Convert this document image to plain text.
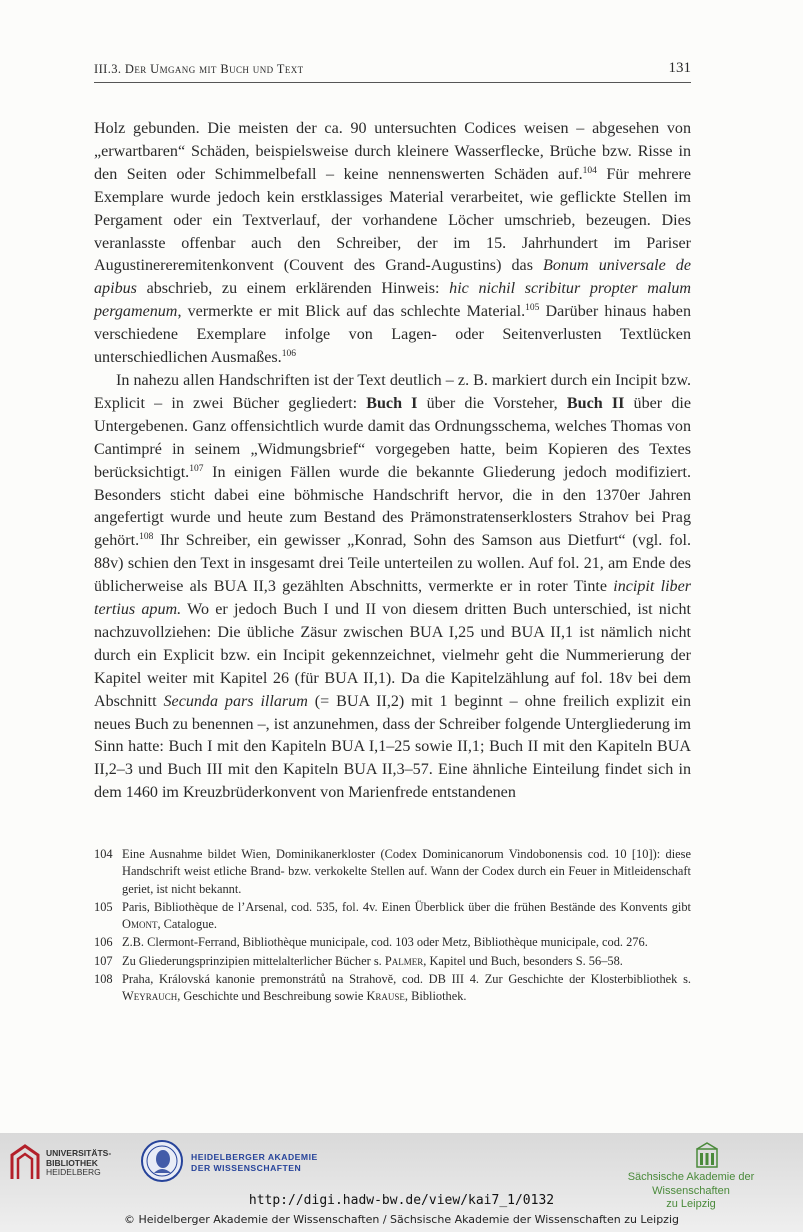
III.3. Der Umgang mit Buch und Text	131

Holz gebunden. Die meisten der ca. 90 untersuchten Codices weisen – abgesehen von „erwartbaren“ Schäden, beispielsweise durch kleinere Wasserflecke, Brüche bzw. Risse in den Seiten oder Schimmelbefall – keine nennenswerten Schäden auf.$^{104}$ Für mehrere Exemplare wurde jedoch kein erstklassiges Material verarbeitet, wie geflickte Stellen im Pergament oder ein Textverlauf, der vorhandene Löcher umschrieb, bezeugen. Dies veranlasste offenbar auch den Schreiber, der im 15. Jahrhundert im Pariser Augustinereremitenkonvent (Couvent des Grand-Augustins) das Bonum universale de apibus abschrieb, zu einem erklärenden Hinweis: hic nichil scribitur propter malum pergamenum, vermerkte er mit Blick auf das schlechte Material.$^{105}$ Darüber hinaus haben verschiedene Exemplare infolge von Lagen- oder Seitenverlusten Textlücken unterschiedlichen Ausmaßes.$^{106}$

In nahezu allen Handschriften ist der Text deutlich – z. B. markiert durch ein Incipit bzw. Explicit – in zwei Bücher gegliedert: Buch I über die Vorsteher, Buch II über die Untergebenen. Ganz offensichtlich wurde damit das Ordnungsschema, welches Thomas von Cantimpré in seinem „Widmungsbrief“ vorgegeben hatte, beim Kopieren des Textes berücksichtigt.$^{107}$ In einigen Fällen wurde die bekannte Gliederung jedoch modifiziert. Besonders sticht dabei eine böhmische Handschrift hervor, die in den 1370er Jahren angefertigt wurde und heute zum Bestand des Prämonstratenserklosters Strahov bei Prag gehört.$^{108}$ Ihr Schreiber, ein gewisser „Konrad, Sohn des Samson aus Dietfurt“ (vgl. fol. 88v) schien den Text in insgesamt drei Teile unterteilen zu wollen. Auf fol. 21, am Ende des üblicherweise als BUA II,3 gezählten Abschnitts, vermerkte er in roter Tinte incipit liber tertius apum. Wo er jedoch Buch I und II von diesem dritten Buch unterschied, ist nicht nachzuvollziehen: Die übliche Zäsur zwischen BUA I,25 und BUA II,1 ist nämlich nicht durch ein Explicit bzw. ein Incipit gekennzeichnet, vielmehr geht die Nummerierung der Kapitel weiter mit Kapitel 26 (für BUA II,1). Da die Kapitelzählung auf fol. 18v bei dem Abschnitt Secunda pars illarum (= BUA II,2) mit 1 beginnt – ohne freilich explizit ein neues Buch zu benennen –, ist anzunehmen, dass der Schreiber folgende Untergliederung im Sinn hatte: Buch I mit den Kapiteln BUA I,1–25 sowie II,1; Buch II mit den Kapiteln BUA II,2–3 und Buch III mit den Kapiteln BUA II,3–57. Eine ähnliche Einteilung findet sich in dem 1460 im Kreuzbrüderkonvent von Marienfrede entstandenen

104 Eine Ausnahme bildet Wien, Dominikanerkloster (Codex Dominicanorum Vindobonensis cod. 10 [10]): diese Handschrift weist etliche Brand- bzw. verkokelte Stellen auf. Wann der Codex durch ein Feuer in Mitleidenschaft geriet, ist nicht bekannt.
105 Paris, Bibliothèque de l’Arsenal, cod. 535, fol. 4v. Einen Überblick über die frühen Bestände des Konvents gibt Omont, Catalogue.
106 Z.B. Clermont-Ferrand, Bibliothèque municipale, cod. 103 oder Metz, Bibliothèque municipale, cod. 276.
107 Zu Gliederungsprinzipien mittelalterlicher Bücher s. Palmer, Kapitel und Buch, besonders S. 56–58.
108 Praha, Královská kanonie premonstrátů na Strahově, cod. DB III 4. Zur Geschichte der Klosterbibliothek s. Weyrauch, Geschichte und Beschreibung sowie Krause, Bibliothek.
UNIVERSITÄTS-
BIBLIOTHEK
HEIDELBERG
HEIDELBERGER AKADEMIE
DER WISSENSCHAFTEN
Sächsische Akademie der Wissenschaften
zu Leipzig
http://digi.hadw-bw.de/view/kai7_1/0132
© Heidelberger Akademie der Wissenschaften / Sächsische Akademie der Wissenschaften zu Leipzig
